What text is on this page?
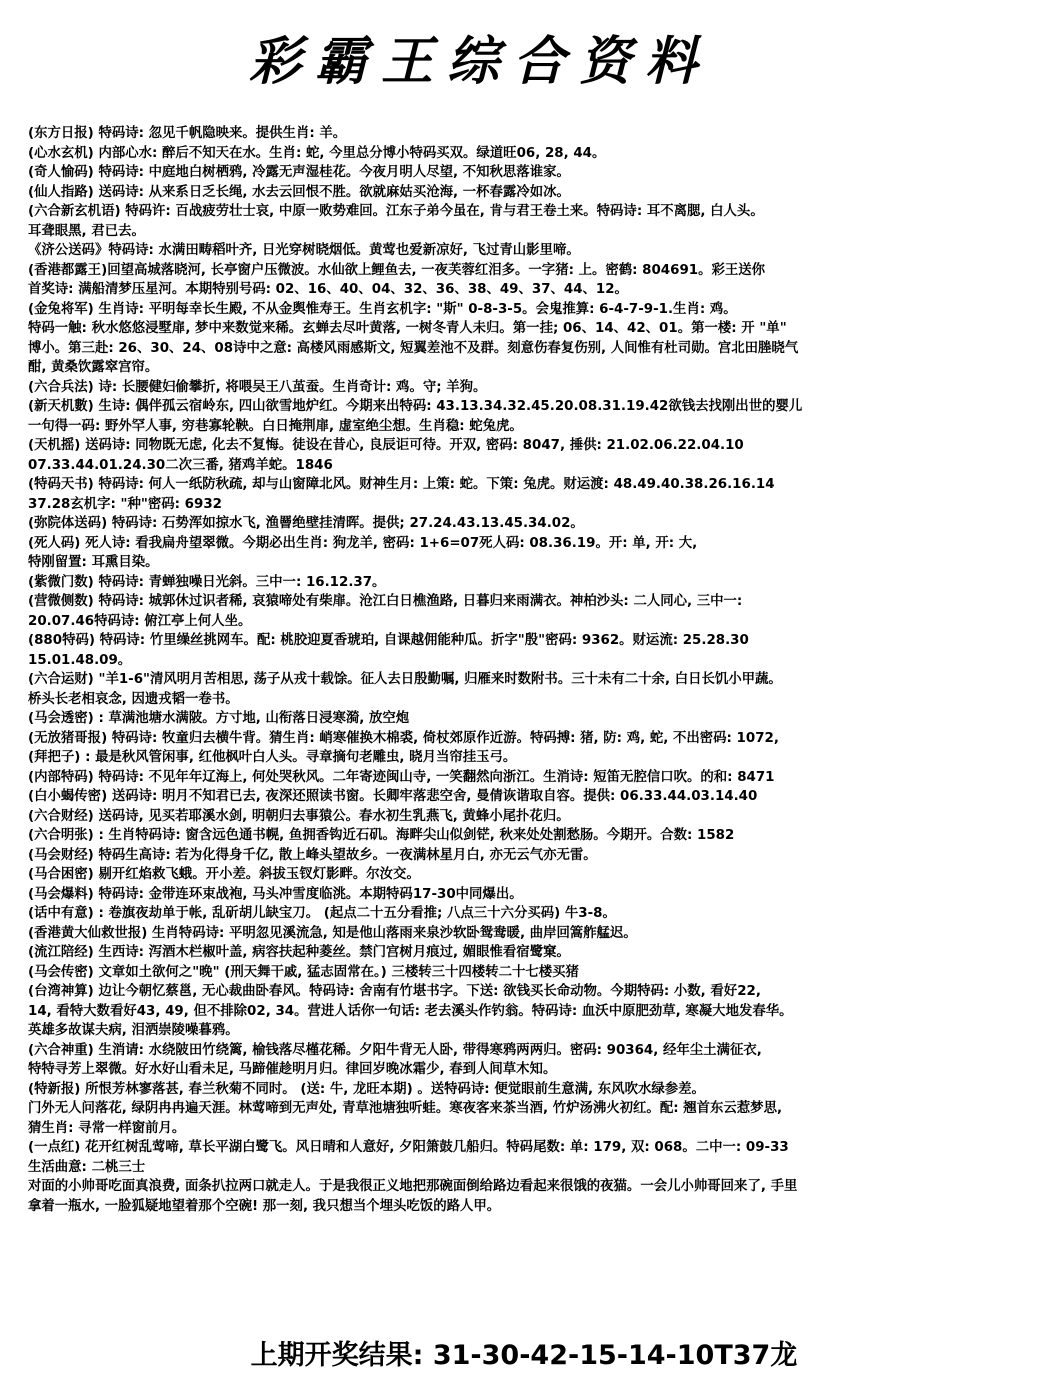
彩霸王综合资料
(东方日报) 特码诗: 忽见千帆隐映来。提供生肖: 羊。
(心水玄机) 内部心水: 醉后不知天在水。生肖: 蛇, 今里总分博小特码买双。绿道旺06, 28, 44。
(奇人愉码) 特码诗: 中庭地白树栖鸦, 冷露无声湿桂花。今夜月明人尽望, 不知秋思落谁家。
(仙人指路) 送码诗: 从来系日乏长绳, 水去云回恨不胜。欲就麻姑买沧海, 一杯春露冷如冰。
(六合新玄机语) 特码许: 百战疲劳壮士哀, 中原一败势难回。江东子弟今虽在, 肯与君王卷土来。特码诗: 耳不离腮, 白人头。
耳聋眼黑, 君已去。
《济公送码》特码诗: 水满田畴稻叶齐, 日光穿树晓烟低。黄莺也爱新凉好, 飞过青山影里啼。
(香港都露王)回望高城落晓河, 长亭窗户压微波。水仙欲上鲤鱼去, 一夜芙蓉红泪多。一字猪: 上。密鹤: 804691。彩王送你
首奖诗: 满船清梦压星河。本期特别号码: 02、16、40、04、32、36、38、49、37、44、12。
(金兔将军) 生肖诗: 平明每幸长生殿, 不从金舆惟寿王。生肖玄机字: "斯" 0-8-3-5。会鬼推算: 6-4-7-9-1.生肖: 鸡。
特码一触: 秋水悠悠浸墅扉, 梦中来数觉来稀。玄蝉去尽叶黄落, 一树冬青人未归。第一挂; 06、14、42、01。第一楼: 开 "单"
博小。第三赴: 26、30、24、08诗中之意: 高楼风雨感斯文, 短翼差池不及群。刻意伤春复伤别, 人间惟有杜司勋。宫北田塍晓气
酣, 黄桑饮露窣宫帘。
(六合兵法) 诗: 长腰健妇偷攀折, 将喂吴王八茧蚕。生肖奇计: 鸡。守; 羊狗。
(新天机數) 生诗: 偶伴孤云宿岭东, 四山欲雪地炉红。今期来出特码: 43.13.34.32.45.20.08.31.19.42欲钱去找刚出世的婴儿
一句得一码: 野外罕人事, 穷巷寡轮鞅。白日掩荆扉, 虚室绝尘想。生肖稳: 蛇兔虎。
(天机摇) 送码诗: 同物既无虑, 化去不复悔。徒设在昔心, 良辰讵可待。开双, 密码: 8047, 捶供: 21.02.06.22.04.10
07.33.44.01.24.30二次三番, 猪鸡羊蛇。1846
(特码天书) 特码诗: 何人一纸防秋疏, 却与山窗障北风。财神生月: 上策: 蛇。下策: 兔虎。财运渡: 48.49.40.38.26.16.14
37.28玄机字: "种"密码: 6932
(弥院体送码) 特码诗: 石势浑如掠水飞, 渔罾绝壁挂清晖。提供; 27.24.43.13.45.34.02。
(死人码) 死人诗: 看我扁舟望翠微。今期必出生肖: 狗龙羊, 密码: 1+6=07死人码: 08.36.19。开: 单, 开: 大,
特刚留置: 耳熏目染。
(紫微门数) 特码诗: 青蝉独噪日光斜。三中一: 16.12.37。
(营微侧数) 特码诗: 城郭休过识者稀, 哀猿啼处有柴扉。沧江白日樵渔路, 日暮归来雨满衣。神柏沙头: 二人同心, 三中一:
20.07.46特码诗: 俯江亭上何人坐。
(880特码) 特码诗: 竹里缲丝挑网车。配: 桃胶迎夏香琥珀, 自课越佣能种瓜。折字"殷"密码: 9362。财运流: 25.28.30
15.01.48.09。
(六合运财) "羊1-6"清风明月苦相思, 荡子从戎十载馀。征人去日殷勤嘱, 归雁来时数附书。三十未有二十余, 白日长饥小甲蔬。
桥头长老相哀念, 因遗戎韬一卷书。
(马会透密) : 草满池塘水满陂。方寸地, 山衔落日浸寒漪, 放空炮
(无放猪哥报) 特码诗: 牧童归去横牛背。猜生肖: 峭寒催换木棉裘, 倚杖郊原作近游。特码搏: 猪, 防: 鸡, 蛇, 不出密码: 1072,
(拜把子) : 最是秋风管闲事, 红他枫叶白人头。寻章摘句老雕虫, 晓月当帘挂玉弓。
(内部特码) 特码诗: 不见年年辽海上, 何处哭秋风。二年寄迹闽山寺, 一笑翻然向浙江。生消诗: 短笛无腔信口吹。的和: 8471
(白小蝎传密) 送码诗: 明月不知君已去, 夜深还照读书窗。长卿牢落悲空舍, 曼倩诙谐取自容。提供: 06.33.44.03.14.40
(六合财经) 送码诗, 见买若耶溪水剑, 明朝归去事猿公。春水初生乳燕飞, 黄蜂小尾扑花归。
(六合明张) : 生肖特码诗: 窗含远色通书幌, 鱼拥香钩近石矶。海畔尖山似剑铓, 秋来处处割愁肠。今期开。合数: 1582
(马会财经) 特码生高诗: 若为化得身千亿, 散上峰头望故乡。一夜满林星月白, 亦无云气亦无雷。
(马合困密) 剔开红焰救飞蛾。开小差。斜拔玉钗灯影畔。尔汝交。
(马会爆料) 特码诗: 金带连环束战袍, 马头冲雪度临洮。本期特码17-30中同爆出。
(话中有意) : 卷旗夜劫单于帐, 乱斫胡儿缺宝刀。 (起点二十五分看推; 八点三十六分买码) 牛3-8。
(香港黄大仙救世报) 生肖特码诗: 平明忽见溪流急, 知是他山落雨来泉沙软卧鸳鸯暖, 曲岸回篙舴艋迟。
(流江陪经) 生西诗: 泻酒木栏椒叶盖, 病容扶起种菱丝。禁门宫树月痕过, 媚眼惟看宿鹭窠。
(马会传密) 文章如土欲何之"晚" (刑天舞干戚, 猛志固常在。) 三楼转三十四楼转二十七楼买猪
(台湾神算) 边让今朝忆蔡邕, 无心裁曲卧春风。特码诗: 舍南有竹堪书字。下送: 欲钱买长命动物。今期特码: 小数, 看好22,
14, 看特大数看好43, 49, 但不排除02, 34。营进人话你一句话: 老去溪头作钓翁。特码诗: 血沃中原肥劲草, 寒凝大地发春华。
英雄多故谋夫病, 泪洒崇陵噪暮鸦。
(六合神重) 生消请: 水绕陂田竹绕篱, 榆钱落尽槿花稀。夕阳牛背无人卧, 带得寒鸦两两归。密码: 90364, 经年尘土满征衣,
特特寻芳上翠微。好水好山看未足, 马蹄催趁明月归。律回岁晚冰霜少, 春到人间草木知。
(特新报) 所恨芳林寥落甚, 春兰秋菊不同时。 (送: 牛, 龙旺本期) 。送特码诗: 便觉眼前生意满, 东风吹水绿参差。
门外无人问落花, 绿阴冉冉遍天涯。林莺啼到无声处, 青草池塘独听蛙。寒夜客来茶当酒, 竹炉汤沸火初红。配: 翘首东云惹梦思,
猜生肖: 寻常一样窗前月。
(一点红) 花开红树乱莺啼, 草长平湖白鹭飞。风日晴和人意好, 夕阳箫鼓几船归。特码尾数: 单: 179, 双: 068。二中一: 09-33
生活曲意: 二桃三士
对面的小帅哥吃面真浪费, 面条扒拉两口就走人。于是我很正义地把那碗面倒给路边看起来很饿的夜猫。一会儿小帅哥回来了, 手里
拿着一瓶水, 一脸狐疑地望着那个空碗! 那一刻, 我只想当个埋头吃饭的路人甲。
上期开奖结果: 31-30-42-15-14-10T37龙
